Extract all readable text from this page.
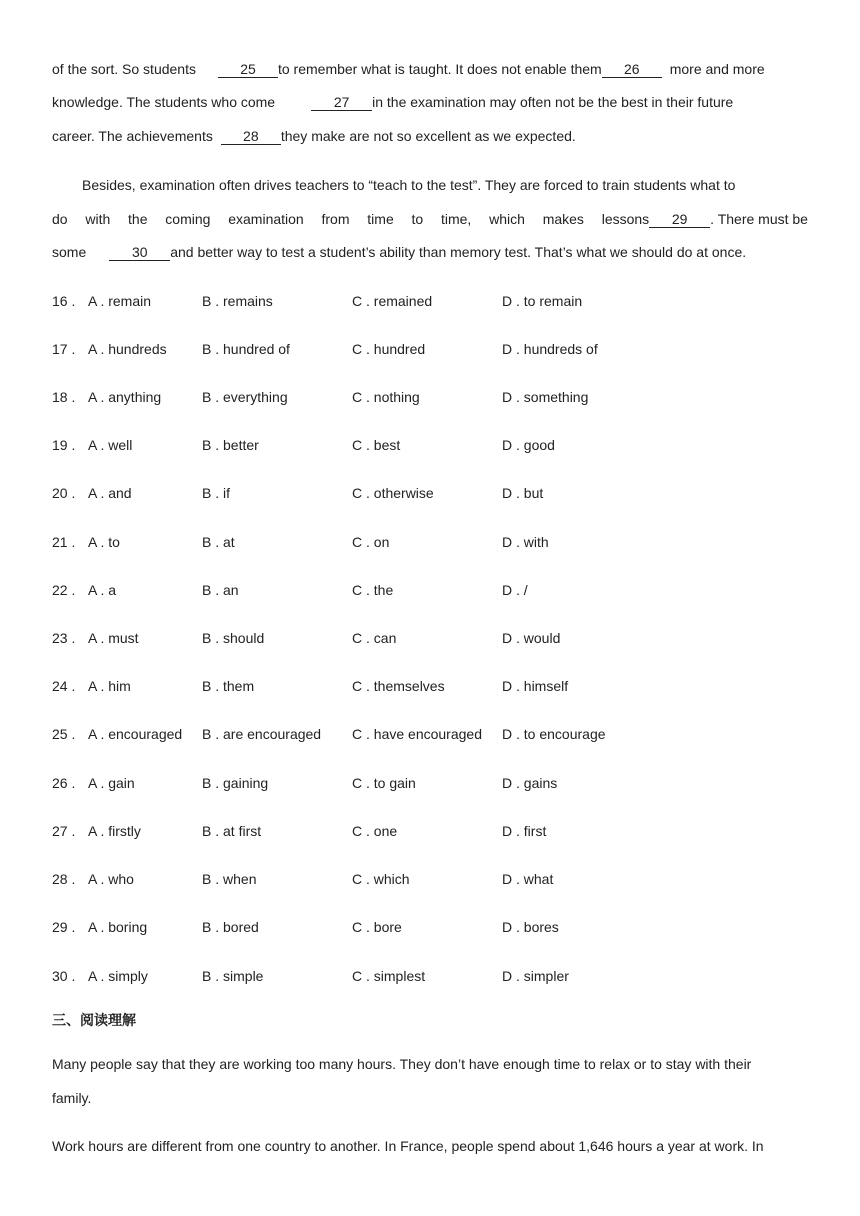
of the sort. So students	25 to remember what is taught. It does not enable them 26 more and more
knowledge. The students who come	27 in the examination may often not be the best in their future
career. The achievements 28 they make are not so excellent as we expected.
Besides, examination often drives teachers to “teach to the test”. They are forced to train students what to
do with the coming examination from time to time, which makes lessons 29 . There must be
some	30 and better way to test a student’s ability than memory test. That’s what we should do at once.
16 . A . remain	B . remains	C . remained	D . to remain
17 . A . hundreds	B . hundred of	C . hundred	D . hundreds of
18 . A . anything	B . everything	C . nothing	D . something
19 . A . well	B . better	C . best	D . good
20 . A . and	B . if	C . otherwise	D . but
21 . A . to	B . at	C . on	D . with
22 . A . a	B . an	C . the	D . /
23 . A . must	B . should	C . can	D . would
24 . A . him	B . them	C . themselves	D . himself
25 . A . encouraged B . are encouraged C . have encouraged D . to encourage
26 . A . gain	B . gaining	C . to gain	D . gains
27 . A . firstly	B . at first	C . one	D . first
28 . A . who	B . when	C . which	D . what
29 . A . boring	B . bored	C . bore	D . bores
30 . A . simply	B . simple	C . simplest	D . simpler
三、阅读理解
Many people say that they are working too many hours. They don’t have enough time to relax or to stay with their
family.
Work hours are different from one country to another. In France, people spend about 1,646 hours a year at work. In
